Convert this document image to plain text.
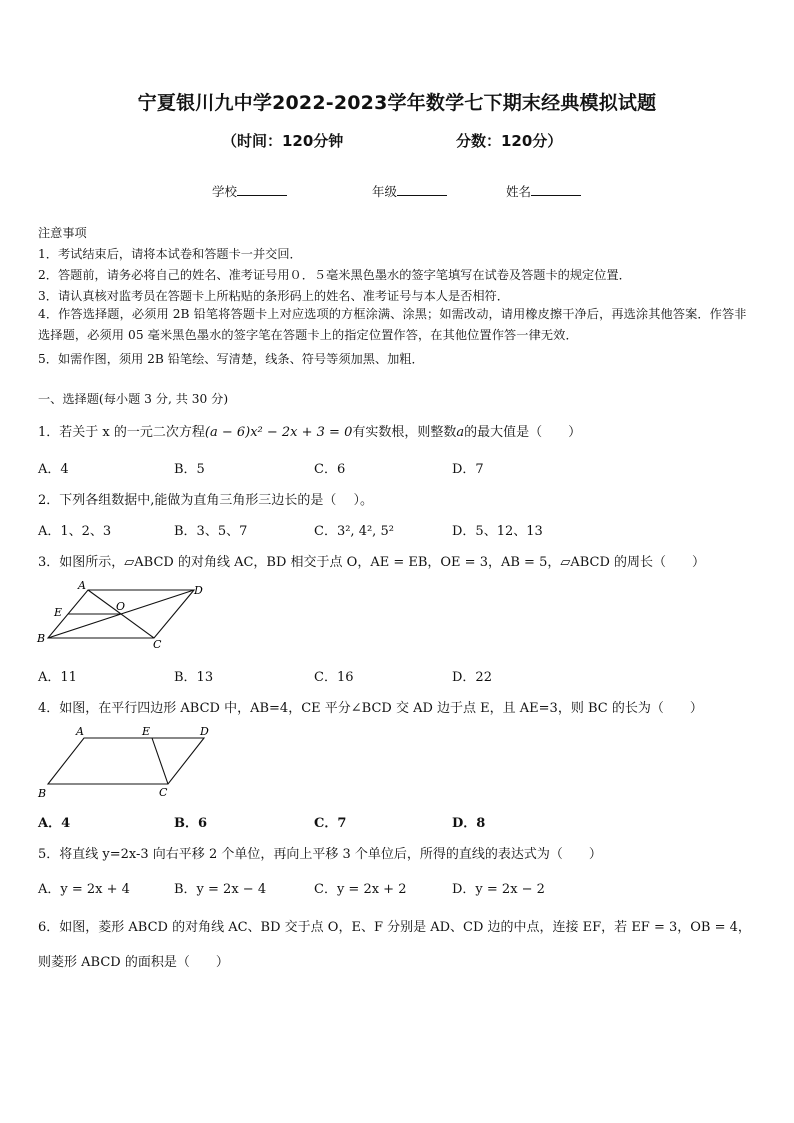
宁夏银川九中学2022-2023学年数学七下期末经典模拟试题
（时间：120分钟	分数：120分）
学校	年级	姓名
注意事项
1．考试结束后，请将本试卷和答题卡一并交回．
2．答题前，请务必将自己的姓名、准考证号用０．５毫米黑色墨水的签字笔填写在试卷及答题卡的规定位置．
3．请认真核对监考员在答题卡上所粘贴的条形码上的姓名、准考证号与本人是否相符．
4．作答选择题，必须用 2B 铅笔将答题卡上对应选项的方框涂满、涂黑；如需改动，请用橡皮擦干净后，再选涂其他答案．作答非选择题，必须用 05 毫米黑色墨水的签字笔在答题卡上的指定位置作答，在其他位置作答一律无效．
5．如需作图，须用 2B 铅笔绘、写清楚，线条、符号等须加黑、加粗．
一、选择题(每小题 3 分, 共 30 分)
1．若关于 x 的一元二次方程(a − 6)x² − 2x + 3 = 0有实数根，则整数a的最大值是（　　）
A．4	B．5	C．6	D．7
2．下列各组数据中,能做为直角三角形三边长的是（　 ）。
A．1、2、3	B．3、5、7	C．3², 4², 5²	D．5、12、13
3．如图所示，▱ABCD 的对角线 AC，BD 相交于点 O，AE = EB，OE = 3，AB = 5，▱ABCD 的周长（　　）
A	D
E	O
B	C
A．11	B．13	C．16	D．22
4．如图，在平行四边形 ABCD 中，AB=4，CE 平分∠BCD 交 AD 边于点 E，且 AE=3，则 BC 的长为（　　）
A	E	D
B	C
A．4	B．6	C．7	D．8
5．将直线 y=2x-3 向右平移 2 个单位，再向上平移 3 个单位后，所得的直线的表达式为（　　）
A．y = 2x + 4	B．y = 2x − 4	C．y = 2x + 2	D．y = 2x − 2
6．如图，菱形 ABCD 的对角线 AC、BD 交于点 O，E、F 分别是 AD、CD 边的中点，连接 EF，若 EF = 3，OB = 4，
则菱形 ABCD 的面积是（　　）
